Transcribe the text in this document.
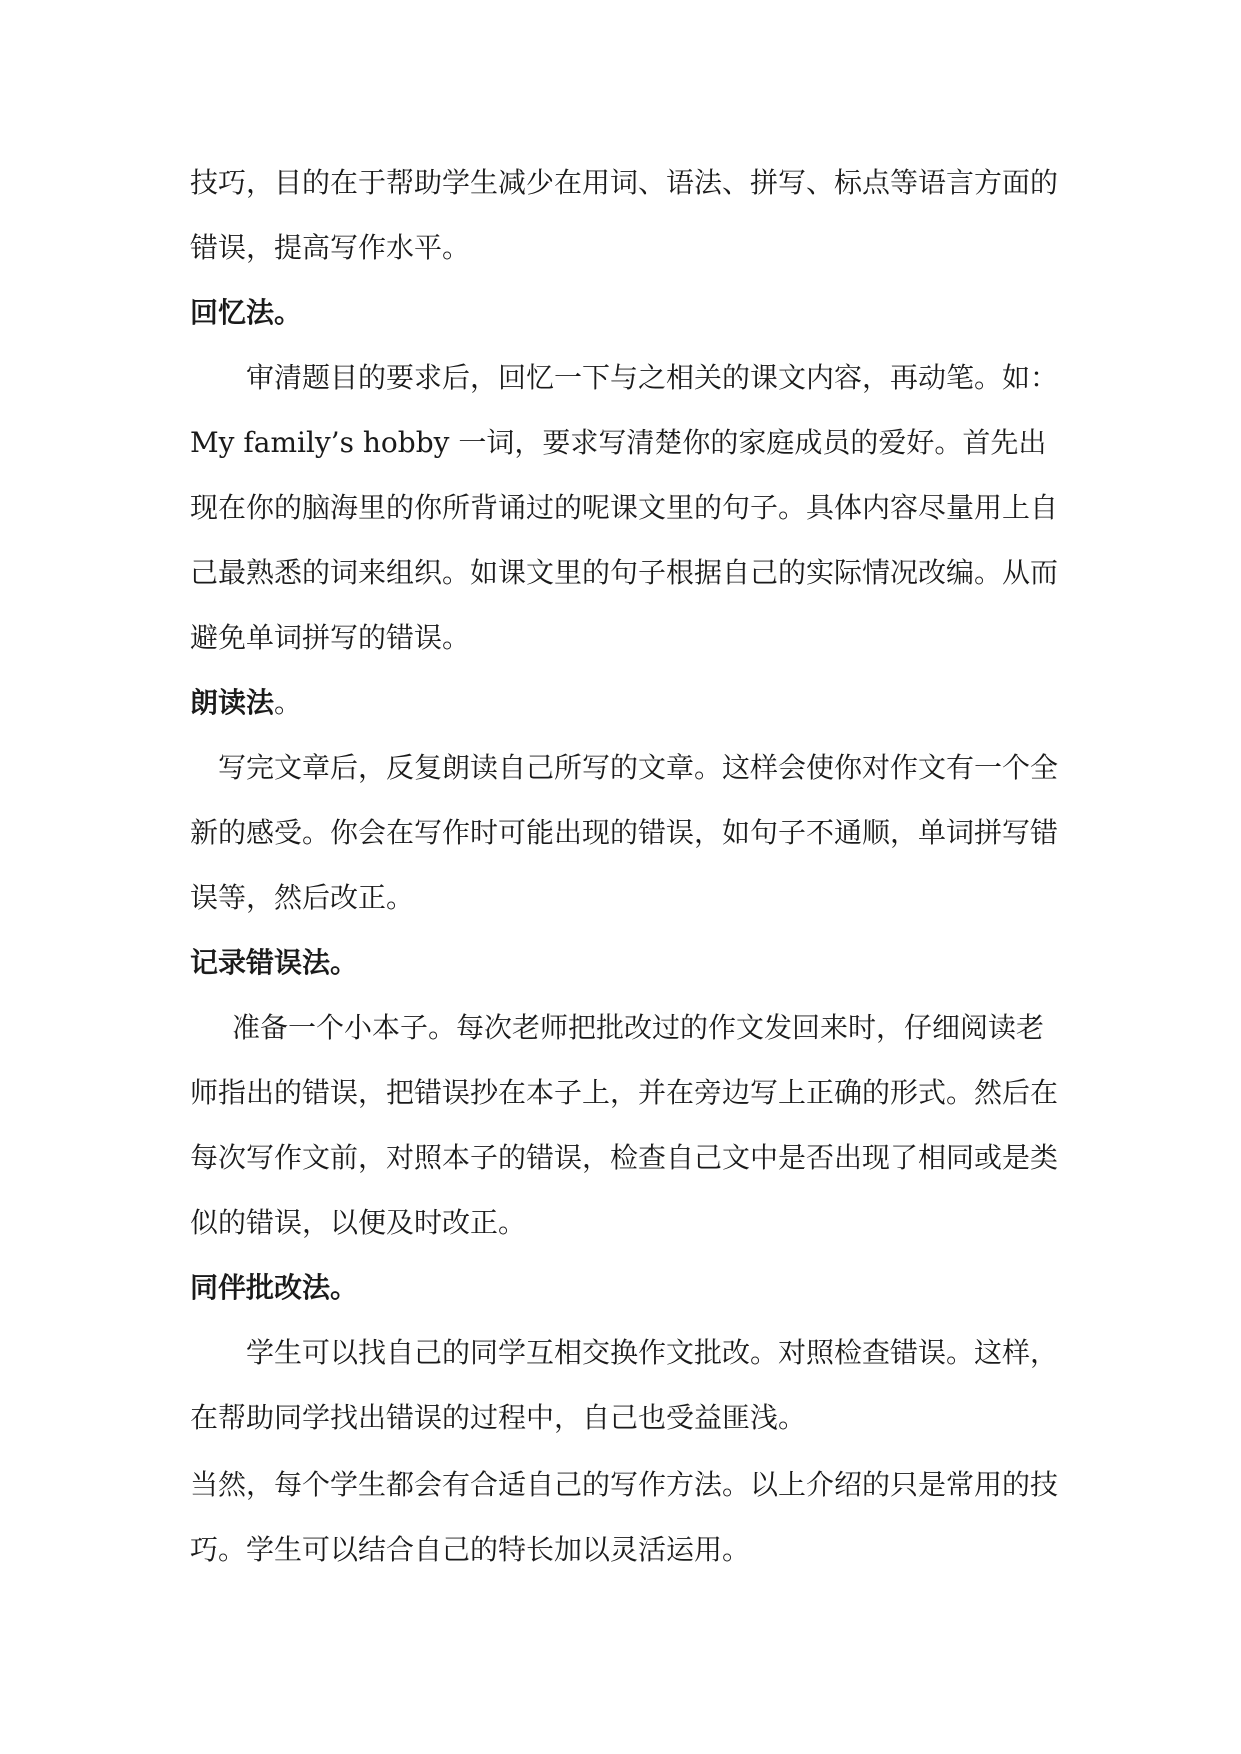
技巧，目的在于帮助学生减少在用词、语法、拼写、标点等语言方面的错误，提高写作水平。

回忆法。

审清题目的要求后，回忆一下与之相关的课文内容，再动笔。如：My family’s hobby 一词，要求写清楚你的家庭成员的爱好。首先出现在你的脑海里的你所背诵过的呢课文里的句子。具体内容尽量用上自己最熟悉的词来组织。如课文里的句子根据自己的实际情况改编。从而避免单词拼写的错误。

朗读法。

写完文章后，反复朗读自己所写的文章。这样会使你对作文有一个全新的感受。你会在写作时可能出现的错误，如句子不通顺，单词拼写错误等，然后改正。

记录错误法。

准备一个小本子。每次老师把批改过的作文发回来时，仔细阅读老师指出的错误，把错误抄在本子上，并在旁边写上正确的形式。然后在每次写作文前，对照本子的错误，检查自己文中是否出现了相同或是类似的错误，以便及时改正。

同伴批改法。

学生可以找自己的同学互相交换作文批改。对照检查错误。这样，在帮助同学找出错误的过程中，自己也受益匪浅。

当然，每个学生都会有合适自己的写作方法。以上介绍的只是常用的技巧。学生可以结合自己的特长加以灵活运用。
